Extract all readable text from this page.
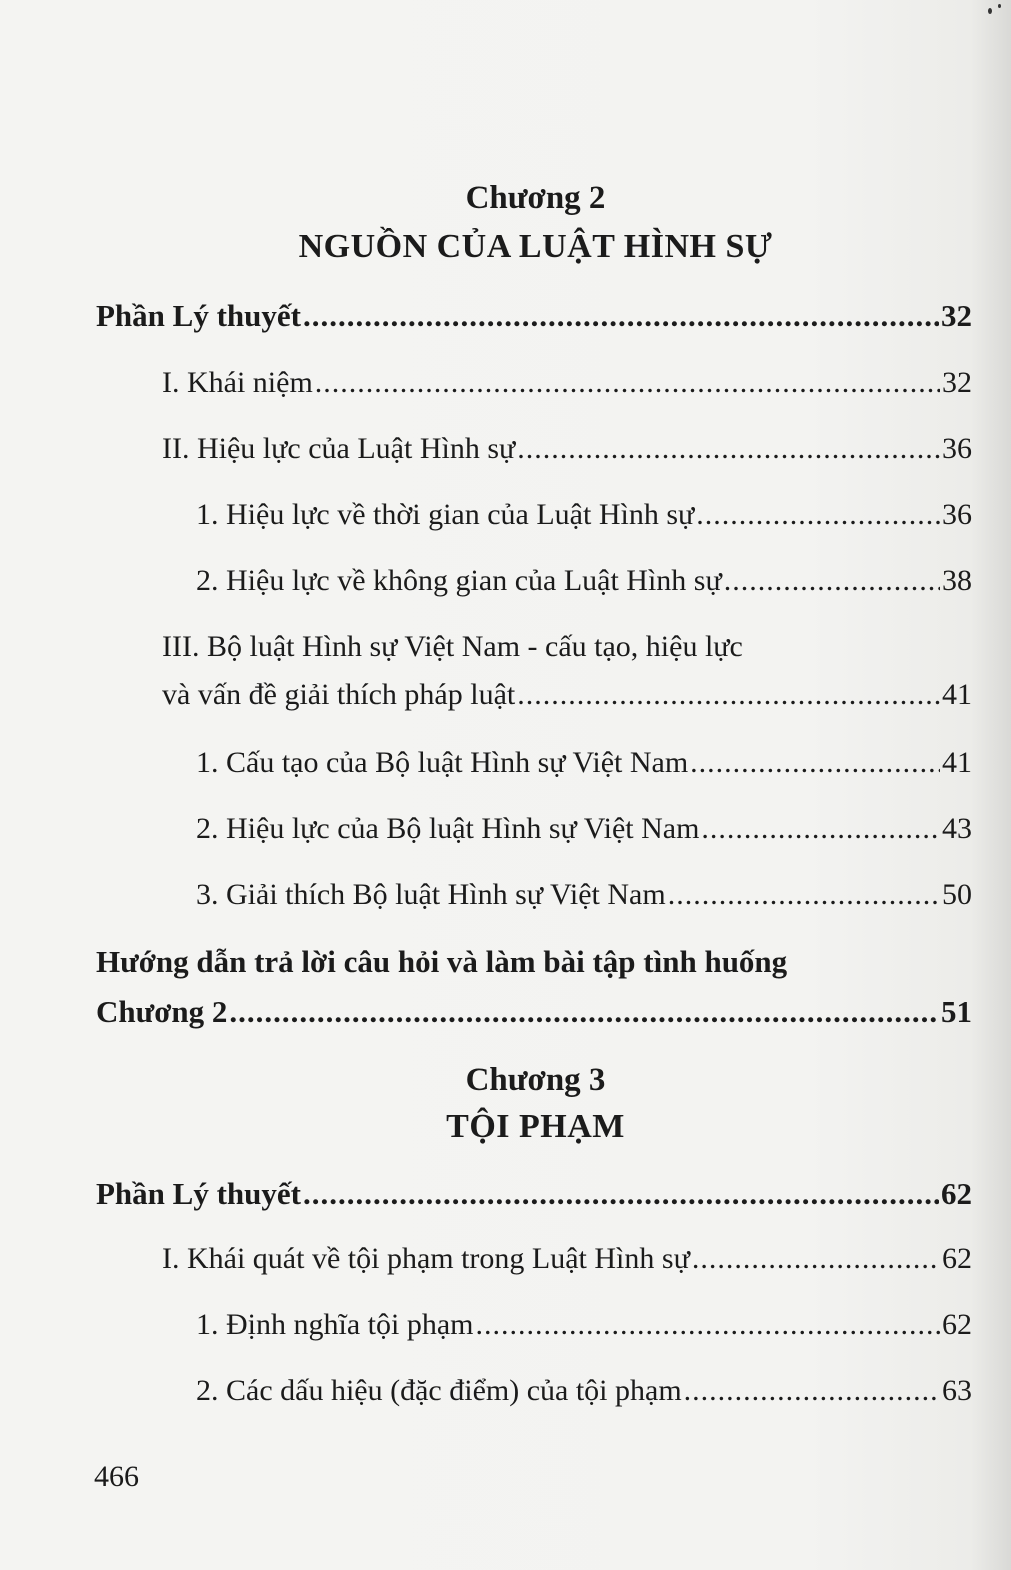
Chương 2
NGUỒN CỦA LUẬT HÌNH SỰ
Phần Lý thuyết .....	32
I. Khái niệm .....	32
II. Hiệu lực của Luật Hình sự .....	36
1. Hiệu lực về thời gian của Luật Hình sự .....	36
2. Hiệu lực về không gian của Luật Hình sự .....	38
III. Bộ luật Hình sự Việt Nam - cấu tạo, hiệu lực
và vấn đề giải thích pháp luật .....	41
1. Cấu tạo của Bộ luật Hình sự Việt Nam .....	41
2. Hiệu lực của Bộ luật Hình sự Việt Nam .....	43
3. Giải thích Bộ luật Hình sự Việt Nam .....	50
Hướng dẫn trả lời câu hỏi và làm bài tập tình huống
Chương 2 .....	51
Chương 3
TỘI PHẠM
Phần Lý thuyết .....	62
I. Khái quát về tội phạm trong Luật Hình sự .....	62
1. Định nghĩa tội phạm .....	62
2. Các dấu hiệu (đặc điểm) của tội phạm .....	63
466
